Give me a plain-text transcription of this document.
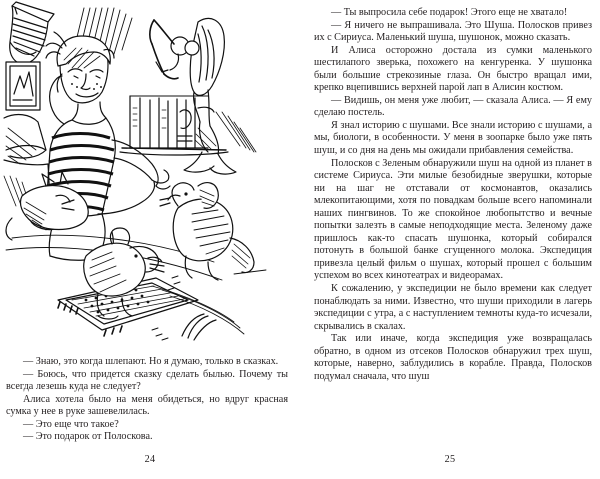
— Знаю, это когда шлепают. Но я думаю, только в сказках.

— Боюсь, что придется сказку сделать былью. Почему ты всегда лезешь куда не следует?

Алиса хотела было на меня обидеться, но вдруг красная сумка у нее в руке зашевелилась.

— Это еще что такое?

— Это подарок от Полоскова.

24

— Ты выпросила себе подарок! Этого еще не хватало!

— Я ничего не выпрашивала. Это Шуша. Полосков привез их с Сириуса. Маленький шуша, шушонок, можно сказать.

И Алиса осторожно достала из сумки маленького шестилапого зверька, похожего на кенгуренка. У шушонка были большие стрекозиные глаза. Он быстро вращал ими, крепко вцепившись верхней парой лап в Алисин костюм.

— Видишь, он меня уже любит, — сказала Алиса. — Я ему сделаю постель.

Я знал историю с шушами. Все знали историю с шушами, а мы, биологи, в особенности. У меня в зоопарке было уже пять шуш, и со дня на день мы ожидали прибавления семейства.

Полосков с Зеленым обнаружили шуш на одной из планет в системе Сириуса. Эти милые безобидные зверушки, которые ни на шаг не отставали от космонавтов, оказались млекопитающими, хотя по повадкам больше всего напоминали наших пингвинов. То же спокойное любопытство и вечные попытки залезть в самые неподходящие места. Зеленому даже пришлось как-то спасать шушонка, который собирался потонуть в большой банке сгущенного молока. Экспедиция привезла целый фильм о шушах, который прошел с большим успехом во всех кинотеатрах и видеорамах.

К сожалению, у экспедиции не было времени как следует понаблюдать за ними. Известно, что шуши приходили в лагерь экспедиции с утра, а с наступлением темноты куда-то исчезали, скрывались в скалах.

Так или иначе, когда экспедиция уже возвращалась обратно, в одном из отсеков Полосков обнаружил трех шуш, которые, наверно, заблудились в корабле. Правда, Полосков подумал сначала, что шуш

25
